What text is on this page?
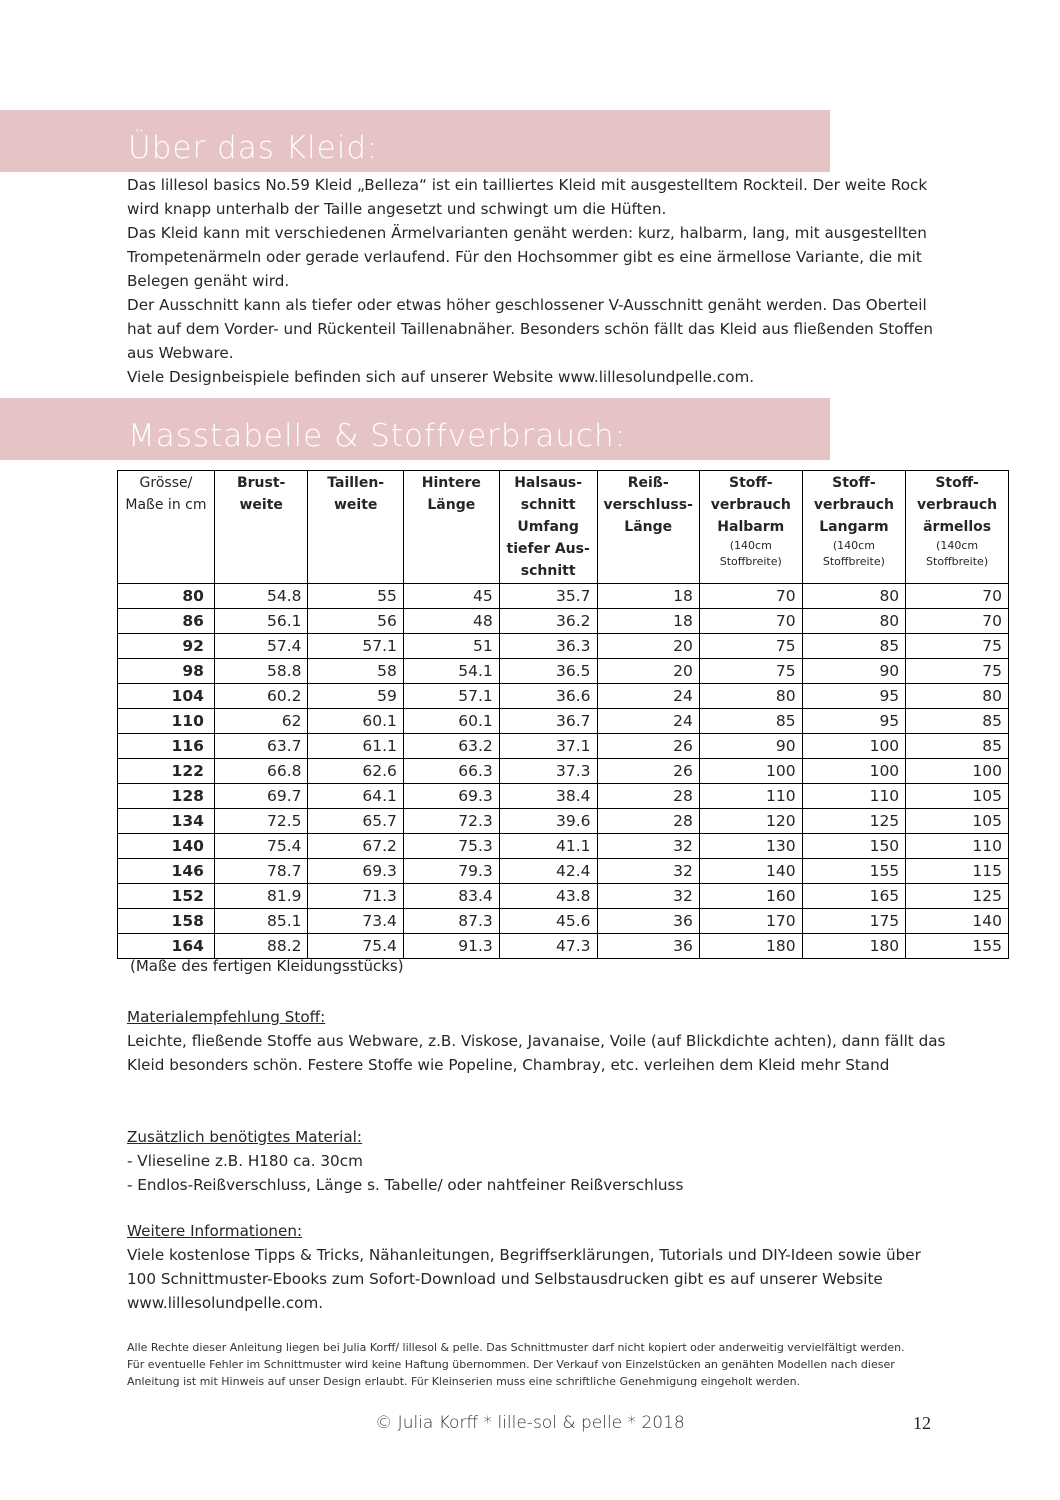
Über das Kleid:

Das lillesol basics No.59 Kleid „Belleza“ ist ein tailliertes Kleid mit ausgestelltem Rockteil. Der weite Rock wird knapp unterhalb der Taille angesetzt und schwingt um die Hüften.

Das Kleid kann mit verschiedenen Ärmelvarianten genäht werden: kurz, halbarm, lang, mit ausgestellten Trompetenärmeln oder gerade verlaufend. Für den Hochsommer gibt es eine ärmellose Variante, die mit Belegen genäht wird.

Der Ausschnitt kann als tiefer oder etwas höher geschlossener V-Ausschnitt genäht werden. Das Oberteil hat auf dem Vorder- und Rückenteil Taillenabnäher. Besonders schön fällt das Kleid aus fließenden Stoffen aus Webware.

Viele Designbeispiele befinden sich auf unserer Website www.lillesolundpelle.com.

Masstabelle & Stoffverbrauch:
Grösse/ Maße in cm	Brust- weite	Taillen- weite	Hintere Länge	Halsaus- schnitt Umfang tiefer Aus- schnitt	Reiß- verschluss- Länge	Stoff- verbrauch Halbarm
(140cm Stoffbreite)	Stoff- verbrauch Langarm
(140cm Stoffbreite)	Stoff- verbrauch ärmellos
(140cm Stoffbreite)

80	54.8	55	45	35.7	18	70	80	70
86	56.1	56	48	36.2	18	70	80	70
92	57.4	57.1	51	36.3	20	75	85	75
98	58.8	58	54.1	36.5	20	75	90	75
104	60.2	59	57.1	36.6	24	80	95	80
110	62	60.1	60.1	36.7	24	85	95	85
116	63.7	61.1	63.2	37.1	26	90	100	85
122	66.8	62.6	66.3	37.3	26	100	100	100
128	69.7	64.1	69.3	38.4	28	110	110	105
134	72.5	65.7	72.3	39.6	28	120	125	105
140	75.4	67.2	75.3	41.1	32	130	150	110
146	78.7	69.3	79.3	42.4	32	140	155	115
152	81.9	71.3	83.4	43.8	32	160	165	125
158	85.1	73.4	87.3	45.6	36	170	175	140
164	88.2	75.4	91.3	47.3	36	180	180	155
(Maße des fertigen Kleidungsstücks)
Materialempfehlung Stoff:

Leichte, fließende Stoffe aus Webware, z.B. Viskose, Javanaise, Voile (auf Blickdichte achten), dann fällt das Kleid besonders schön. Festere Stoffe wie Popeline, Chambray, etc. verleihen dem Kleid mehr Stand

Zusätzlich benötigtes Material:

- Vlieseline z.B. H180 ca. 30cm

- Endlos-Reißverschluss, Länge s. Tabelle/ oder nahtfeiner Reißverschluss

Weitere Informationen:

Viele kostenlose Tipps & Tricks, Nähanleitungen, Begriffserklärungen, Tutorials und DIY-Ideen sowie über 100 Schnittmuster-Ebooks zum Sofort-Download und Selbstausdrucken gibt es auf unserer Website www.lillesolundpelle.com.

Alle Rechte dieser Anleitung liegen bei Julia Korff/ lillesol & pelle. Das Schnittmuster darf nicht kopiert oder anderweitig vervielfältigt werden.

Für eventuelle Fehler im Schnittmuster wird keine Haftung übernommen. Der Verkauf von Einzelstücken an genähten Modellen nach dieser

Anleitung ist mit Hinweis auf unser Design erlaubt. Für Kleinserien muss eine schriftliche Genehmigung eingeholt werden.

© Julia Korff * lille-sol & pelle * 2018	12
